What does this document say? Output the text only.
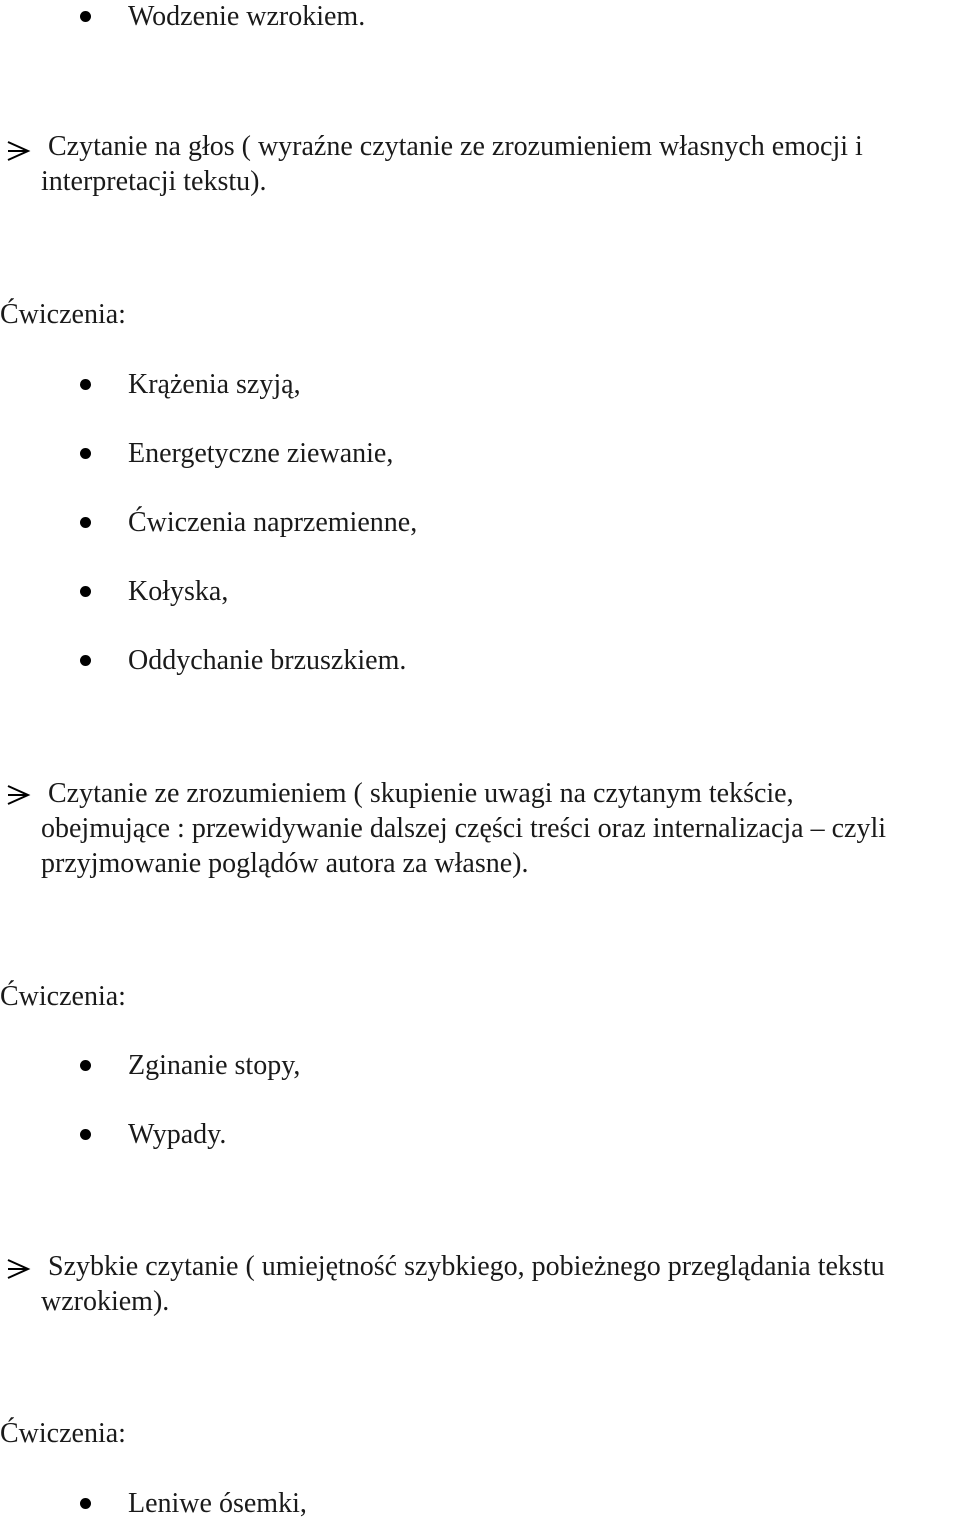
Wodzenie wzrokiem.
Czytanie na głos ( wyraźne czytanie ze zrozumieniem własnych emocji i
interpretacji tekstu).
Ćwiczenia:
Krążenia szyją,
Energetyczne ziewanie,
Ćwiczenia naprzemienne,
Kołyska,
Oddychanie brzuszkiem.
Czytanie ze zrozumieniem ( skupienie uwagi na czytanym tekście,
obejmujące : przewidywanie dalszej części treści oraz internalizacja – czyli
przyjmowanie poglądów autora za własne).
Ćwiczenia:
Zginanie stopy,
Wypady.
Szybkie czytanie ( umiejętność szybkiego, pobieżnego przeglądania tekstu
wzrokiem).
Ćwiczenia:
Leniwe ósemki,
